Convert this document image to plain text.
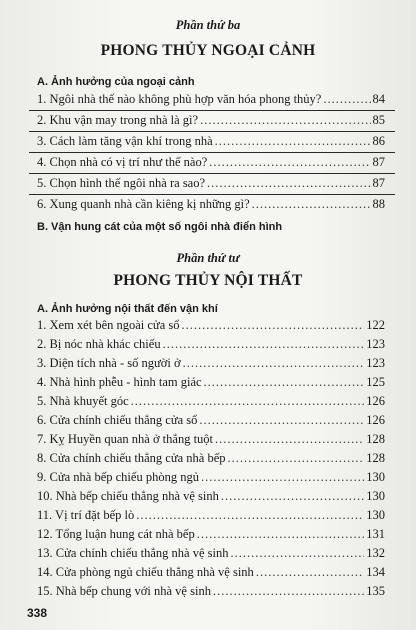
Phần thứ ba
PHONG THỦY NGOẠI CẢNH
A. Ảnh hưởng của ngoại cảnh
1. Ngôi nhà thế nào không phù hợp văn hóa phong thủy? .....	84
2. Khu vận may trong nhà là gì? .....	85
3. Cách làm tăng vận khí trong nhà .....	86
4. Chọn nhà có vị trí như thế nào? .....	87
5. Chọn hình thế ngôi nhà ra sao? .....	87
6. Xung quanh nhà cần kiêng kị những gì? .....	88
B. Vận hung cát của một số ngôi nhà điển hình
Phần thứ tư
PHONG THỦY NỘI THẤT
A. Ảnh hưởng nội thất đến vận khí
1. Xem xét bên ngoài cửa sổ .....	122
2. Bị nóc nhà khác chiếu .....	123
3. Diện tích nhà - số người ở .....	123
4. Nhà hình phễu - hình tam giác .....	125
5. Nhà khuyết góc .....	126
6. Cửa chính chiếu thẳng cửa sổ .....	126
7. Kỵ Huyền quan nhà ở thẳng tuột .....	128
8. Cửa chính chiếu thẳng cửa nhà bếp .....	128
9. Cửa nhà bếp chiếu phòng ngủ .....	130
10. Nhà bếp chiếu thẳng nhà vệ sinh .....	130
11. Vị trí đặt bếp lò .....	130
12. Tổng luận hung cát nhà bếp .....	131
13. Cửa chính chiếu thẳng nhà vệ sinh .....	132
14. Cửa phòng ngủ chiếu thẳng nhà vệ sinh .....	134
15. Nhà bếp chung với nhà vệ sinh .....	135
338
